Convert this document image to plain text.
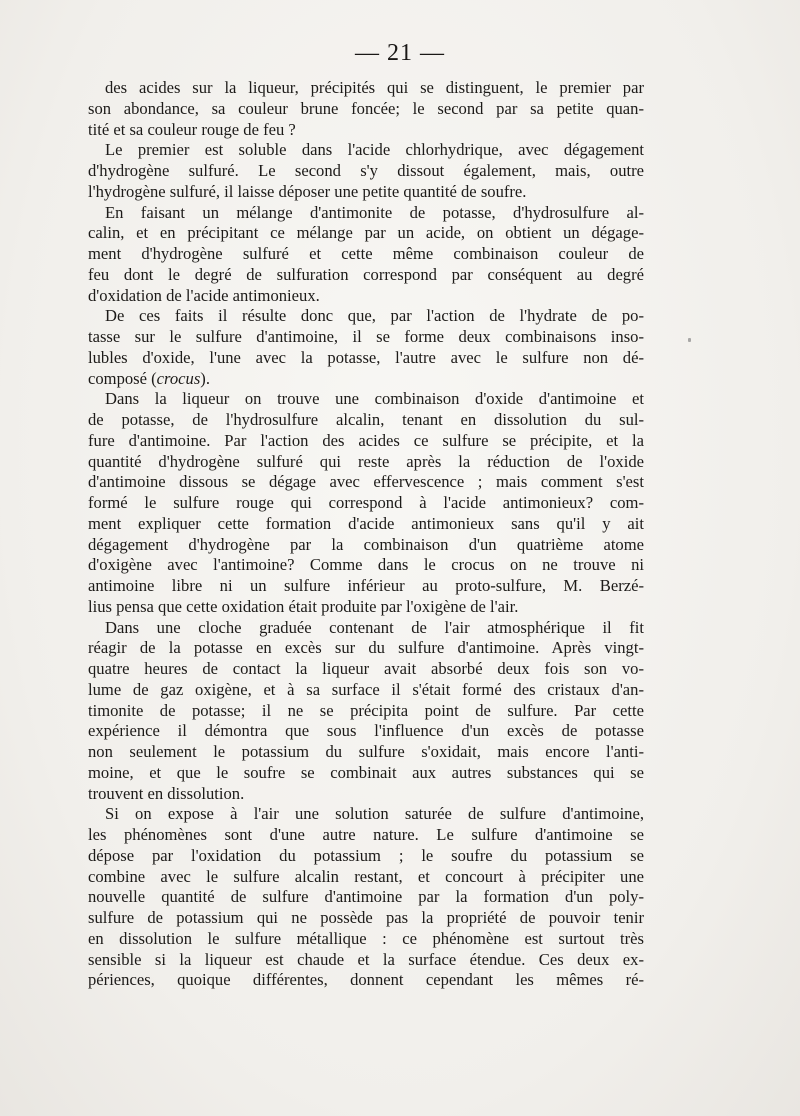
— 21 —

des acides sur la liqueur, précipités qui se distinguent, le premier par
son abondance, sa couleur brune foncée; le second par sa petite quan-
tité et sa couleur rouge de feu ?

Le premier est soluble dans l'acide chlorhydrique, avec dégagement
d'hydrogène sulfuré. Le second s'y dissout également, mais, outre
l'hydrogène sulfuré, il laisse déposer une petite quantité de soufre.

En faisant un mélange d'antimonite de potasse, d'hydrosulfure al-
calin, et en précipitant ce mélange par un acide, on obtient un dégage-
ment d'hydrogène sulfuré et cette même combinaison couleur de
feu dont le degré de sulfuration correspond par conséquent au degré
d'oxidation de l'acide antimonieux.

De ces faits il résulte donc que, par l'action de l'hydrate de po-
tasse sur le sulfure d'antimoine, il se forme deux combinaisons inso-
lubles d'oxide, l'une avec la potasse, l'autre avec le sulfure non dé-
composé (crocus).

Dans la liqueur on trouve une combinaison d'oxide d'antimoine et
de potasse, de l'hydrosulfure alcalin, tenant en dissolution du sul-
fure d'antimoine. Par l'action des acides ce sulfure se précipite, et la
quantité d'hydrogène sulfuré qui reste après la réduction de l'oxide
d'antimoine dissous se dégage avec effervescence ; mais comment s'est
formé le sulfure rouge qui correspond à l'acide antimonieux? com-
ment expliquer cette formation d'acide antimonieux sans qu'il y ait
dégagement d'hydrogène par la combinaison d'un quatrième atome
d'oxigène avec l'antimoine? Comme dans le crocus on ne trouve ni
antimoine libre ni un sulfure inférieur au proto-sulfure, M. Berzé-
lius pensa que cette oxidation était produite par l'oxigène de l'air.

Dans une cloche graduée contenant de l'air atmosphérique il fit
réagir de la potasse en excès sur du sulfure d'antimoine. Après vingt-
quatre heures de contact la liqueur avait absorbé deux fois son vo-
lume de gaz oxigène, et à sa surface il s'était formé des cristaux d'an-
timonite de potasse; il ne se précipita point de sulfure. Par cette
expérience il démontra que sous l'influence d'un excès de potasse
non seulement le potassium du sulfure s'oxidait, mais encore l'anti-
moine, et que le soufre se combinait aux autres substances qui se
trouvent en dissolution.

Si on expose à l'air une solution saturée de sulfure d'antimoine,
les phénomènes sont d'une autre nature. Le sulfure d'antimoine se
dépose par l'oxidation du potassium ; le soufre du potassium se
combine avec le sulfure alcalin restant, et concourt à précipiter une
nouvelle quantité de sulfure d'antimoine par la formation d'un poly-
sulfure de potassium qui ne possède pas la propriété de pouvoir tenir
en dissolution le sulfure métallique : ce phénomène est surtout très
sensible si la liqueur est chaude et la surface étendue. Ces deux ex-
périences, quoique différentes, donnent cependant les mêmes ré-
